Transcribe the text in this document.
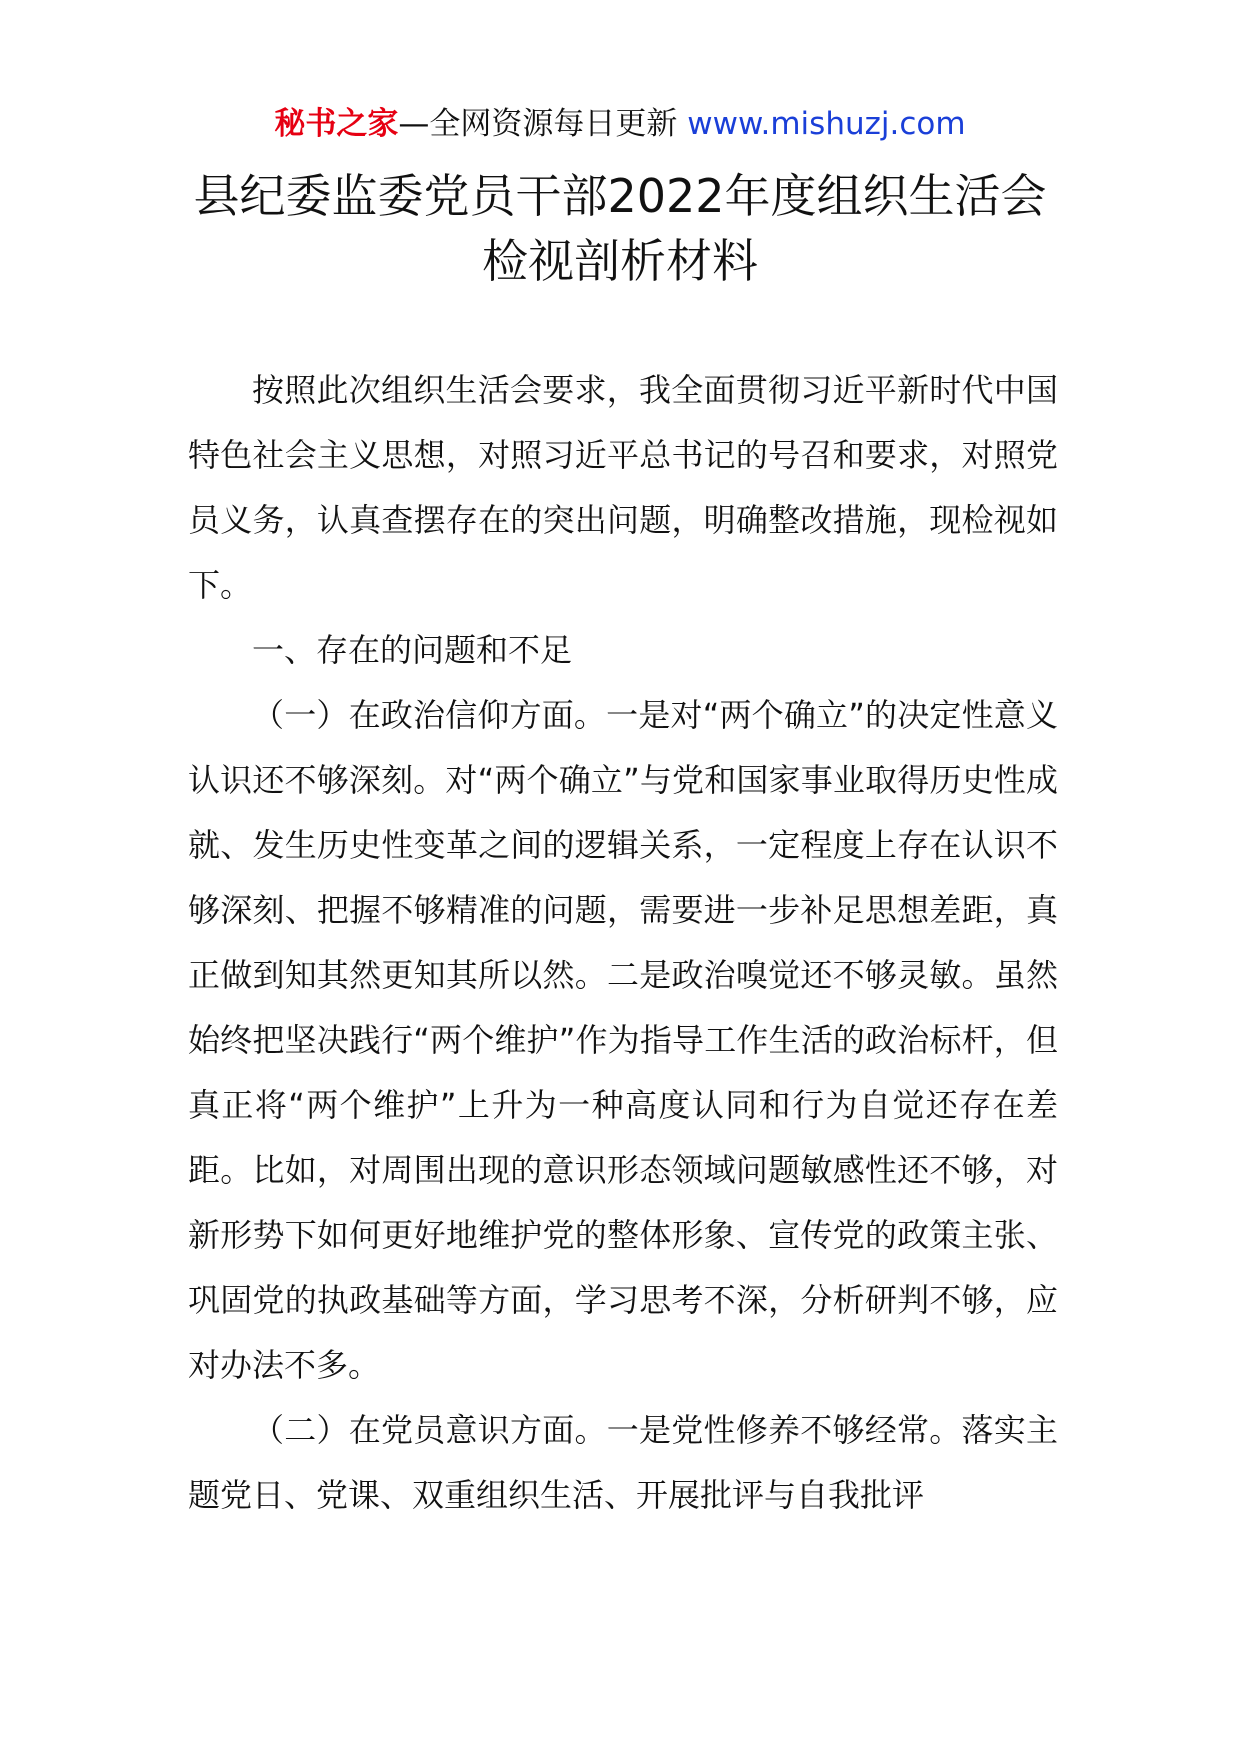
秘书之家—全网资源每日更新 www.mishuzj.com
县纪委监委党员干部2022年度组织生活会
检视剖析材料

按照此次组织生活会要求，我全面贯彻习近平新时代中国特色社会主义思想，对照习近平总书记的号召和要求，对照党员义务，认真查摆存在的突出问题，明确整改措施，现检视如下。

一、存在的问题和不足

（一）在政治信仰方面。一是对“两个确立”的决定性意义认识还不够深刻。对“两个确立”与党和国家事业取得历史性成就、发生历史性变革之间的逻辑关系，一定程度上存在认识不够深刻、把握不够精准的问题，需要进一步补足思想差距，真正做到知其然更知其所以然。二是政治嗅觉还不够灵敏。虽然始终把坚决践行“两个维护”作为指导工作生活的政治标杆，但真正将“两个维护”上升为一种高度认同和行为自觉还存在差距。比如，对周围出现的意识形态领域问题敏感性还不够，对新形势下如何更好地维护党的整体形象、宣传党的政策主张、巩固党的执政基础等方面，学习思考不深，分析研判不够，应对办法不多。

（二）在党员意识方面。一是党性修养不够经常。落实主题党日、党课、双重组织生活、开展批评与自我批评
